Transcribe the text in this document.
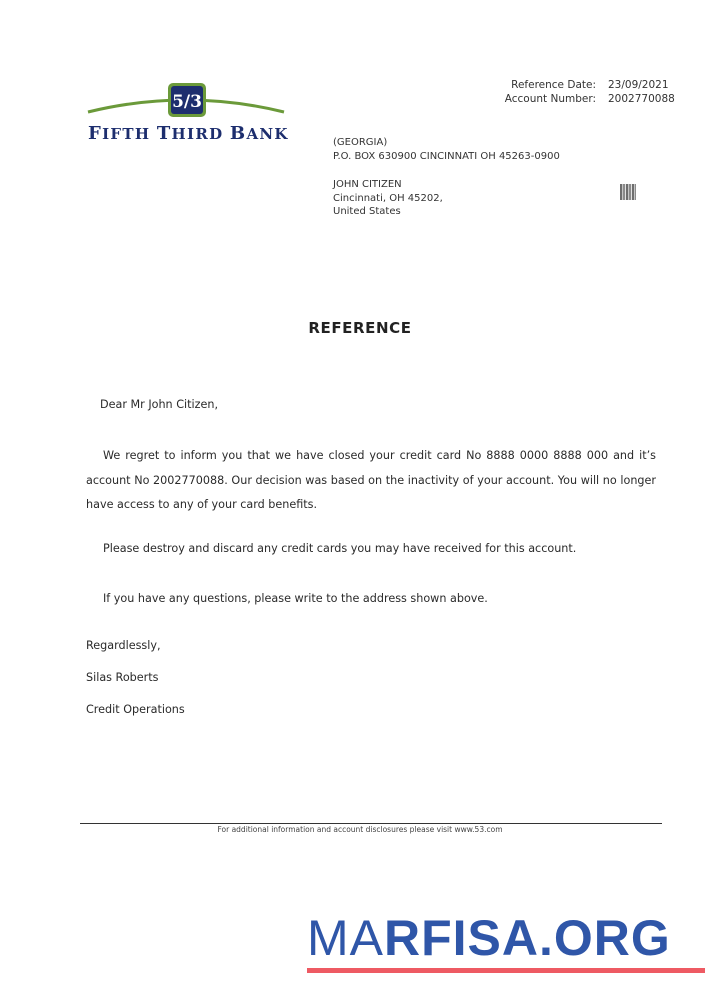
5/3
FIFTH THIRD BANK
Reference Date: 23/09/2021
Account Number: 2002770088
(GEORGIA)
P.O. BOX 630900 CINCINNATI OH 45263-0900
JOHN CITIZEN
Cincinnati, OH 45202,
United States
REFERENCE
Dear Mr John Citizen,
We regret to inform you that we have closed your credit card No 8888 0000 8888 000 and it’s account No 2002770088. Our decision was based on the inactivity of your account. You will no longer have access to any of your card benefits.
Please destroy and discard any credit cards you may have received for this account.
If you have any questions, please write to the address shown above.
Regardlessly,
Silas Roberts
Credit Operations
For additional information and account disclosures please visit www.53.com
MARFISA.ORG
